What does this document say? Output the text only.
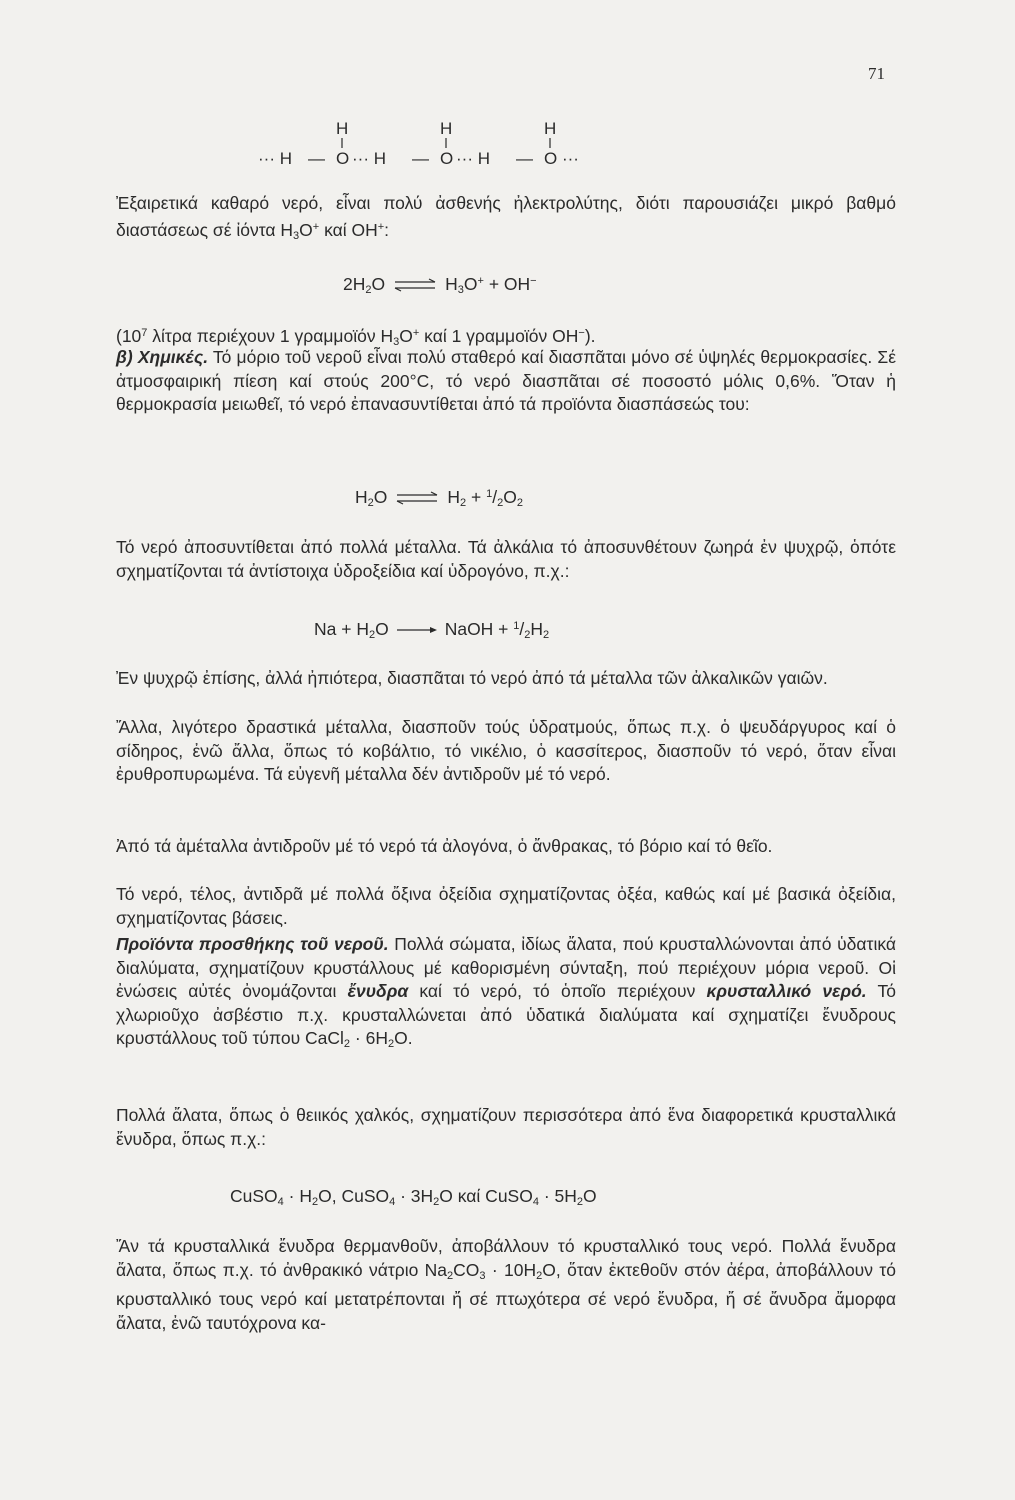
71
H	H	H
··· H — O ··· H — O ··· H — O ···

Ἐξαιρετικά καθαρό νερό, εἶναι πολύ ἀσθενής ἠλεκτρολύτης, διότι παρουσιάζει μικρό βαθμό διαστάσεως σέ ἰόντα $H_3O^+$ καί OH+:

$2H_2O$ ⇌ $H_3O^+ + OH^-$

($10^7$ λίτρα περιέχουν 1 γραμμοϊόν $H_3O^+$ καί 1 γραμμοϊόν OH−).

β) Χημικές. Τό μόριο τοῦ νεροῦ εἶναι πολύ σταθερό καί διασπᾶται μόνο σέ ὑψηλές θερμοκρασίες. Σέ ἀτμοσφαιρική πίεση καί στούς 200°C, τό νερό διασπᾶται σέ ποσοστό μόλις 0,6%. Ὅταν ἡ θερμοκρασία μειωθεῖ, τό νερό ἐπανασυντίθεται ἀπό τά προϊόντα διασπάσεώς του:

$H_2O$ ⇌ $H_2 + ^1/_2O_2$

Τό νερό ἀποσυντίθεται ἀπό πολλά μέταλλα. Τά ἀλκάλια τό ἀποσυνθέτουν ζωηρά ἐν ψυχρῷ, ὁπότε σχηματίζονται τά ἀντίστοιχα ὑδροξείδια καί ὑδρογόνο, π.χ.:

$Na + H_2O$ → NaOH + $^1/_2H_2$

Ἐν ψυχρῷ ἐπίσης, ἀλλά ἠπιότερα, διασπᾶται τό νερό ἀπό τά μέταλλα τῶν ἀλκαλικῶν γαιῶν.

Ἄλλα, λιγότερο δραστικά μέταλλα, διασποῦν τούς ὑδρατμούς, ὅπως π.χ. ὁ ψευδάργυρος καί ὁ σίδηρος, ἐνῶ ἄλλα, ὅπως τό κοβάλτιο, τό νικέλιο, ὁ κασσίτερος, διασποῦν τό νερό, ὅταν εἶναι ἐρυθροπυρωμένα. Τά εὐγενῆ μέταλλα δέν ἀντιδροῦν μέ τό νερό.

Ἀπό τά ἀμέταλλα ἀντιδροῦν μέ τό νερό τά ἀλογόνα, ὁ ἄνθρακας, τό βόριο καί τό θεῖο.

Τό νερό, τέλος, ἀντιδρᾶ μέ πολλά ὄξινα ὀξείδια σχηματίζοντας ὀξέα, καθώς καί μέ βασικά ὀξείδια, σχηματίζοντας βάσεις.

Προϊόντα προσθήκης τοῦ νεροῦ. Πολλά σώματα, ἰδίως ἄλατα, πού κρυσταλλώνονται ἀπό ὑδατικά διαλύματα, σχηματίζουν κρυστάλλους μέ καθορισμένη σύνταξη, πού περιέχουν μόρια νεροῦ. Οἱ ἐνώσεις αὐτές ὀνομάζονται ἔνυδρα καί τό νερό, τό ὁποῖο περιέχουν κρυσταλλικό νερό. Τό χλωριοῦχο ἀσβέστιο π.χ. κρυσταλλώνεται ἀπό ὑδατικά διαλύματα καί σχηματίζει ἔνυδρους κρυστάλλους τοῦ τύπου CaCl$_2$ · $6H_2O$.

Πολλά ἄλατα, ὅπως ὁ θειικός χαλκός, σχηματίζουν περισσότερα ἀπό ἕνα διαφορετικά κρυσταλλικά ἔνυδρα, ὅπως π.χ.:

CuSO$_4$ · $H_2O$, CuSO$_4$ · $3H_2O$ καί CuSO$_4$ · $5H_2O$

Ἄν τά κρυσταλλικά ἔνυδρα θερμανθοῦν, ἀποβάλλουν τό κρυσταλλικό τους νερό. Πολλά ἔνυδρα ἄλατα, ὅπως π.χ. τό ἀνθρακικό νάτριο $Na_2CO_3 \cdot 10H_2O$, ὅταν ἐκτεθοῦν στόν ἀέρα, ἀποβάλλουν τό κρυσταλλικό τους νερό καί μετατρέπονται ἤ σέ πτωχότερα σέ νερό ἔνυδρα, ἤ σέ ἄνυδρα ἄμορφα ἄλατα, ἐνῶ ταυτόχρονα κα-
